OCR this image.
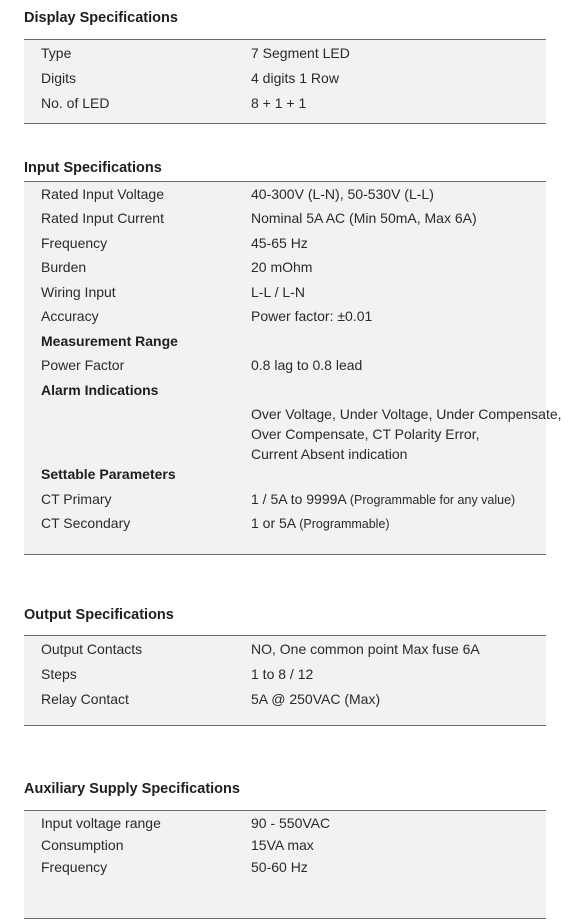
Display Specifications
Type	7 Segment LED
Digits	4 digits 1 Row
No. of LED	8 + 1 + 1
Input Specifications
Rated Input Voltage	40-300V (L-N), 50-530V (L-L)
Rated Input Current	Nominal 5A AC (Min 50mA, Max 6A)
Frequency	45-65 Hz
Burden	20 mOhm
Wiring Input	L-L / L-N
Accuracy	Power factor: ±0.01
Measurement Range
Power Factor	0.8 lag to 0.8 lead
Alarm Indications
Over Voltage, Under Voltage, Under Compensate,
Over Compensate, CT Polarity Error,
Current Absent indication
Settable Parameters
CT Primary	1 / 5A to 9999A (Programmable for any value)
CT Secondary	1 or 5A (Programmable)
Output Specifications
Output Contacts	NO, One common point Max fuse 6A
Steps	1 to 8 / 12
Relay Contact	5A @ 250VAC (Max)
Auxiliary Supply Specifications
Input voltage range	90 - 550VAC
Consumption	15VA max
Frequency	50-60 Hz
